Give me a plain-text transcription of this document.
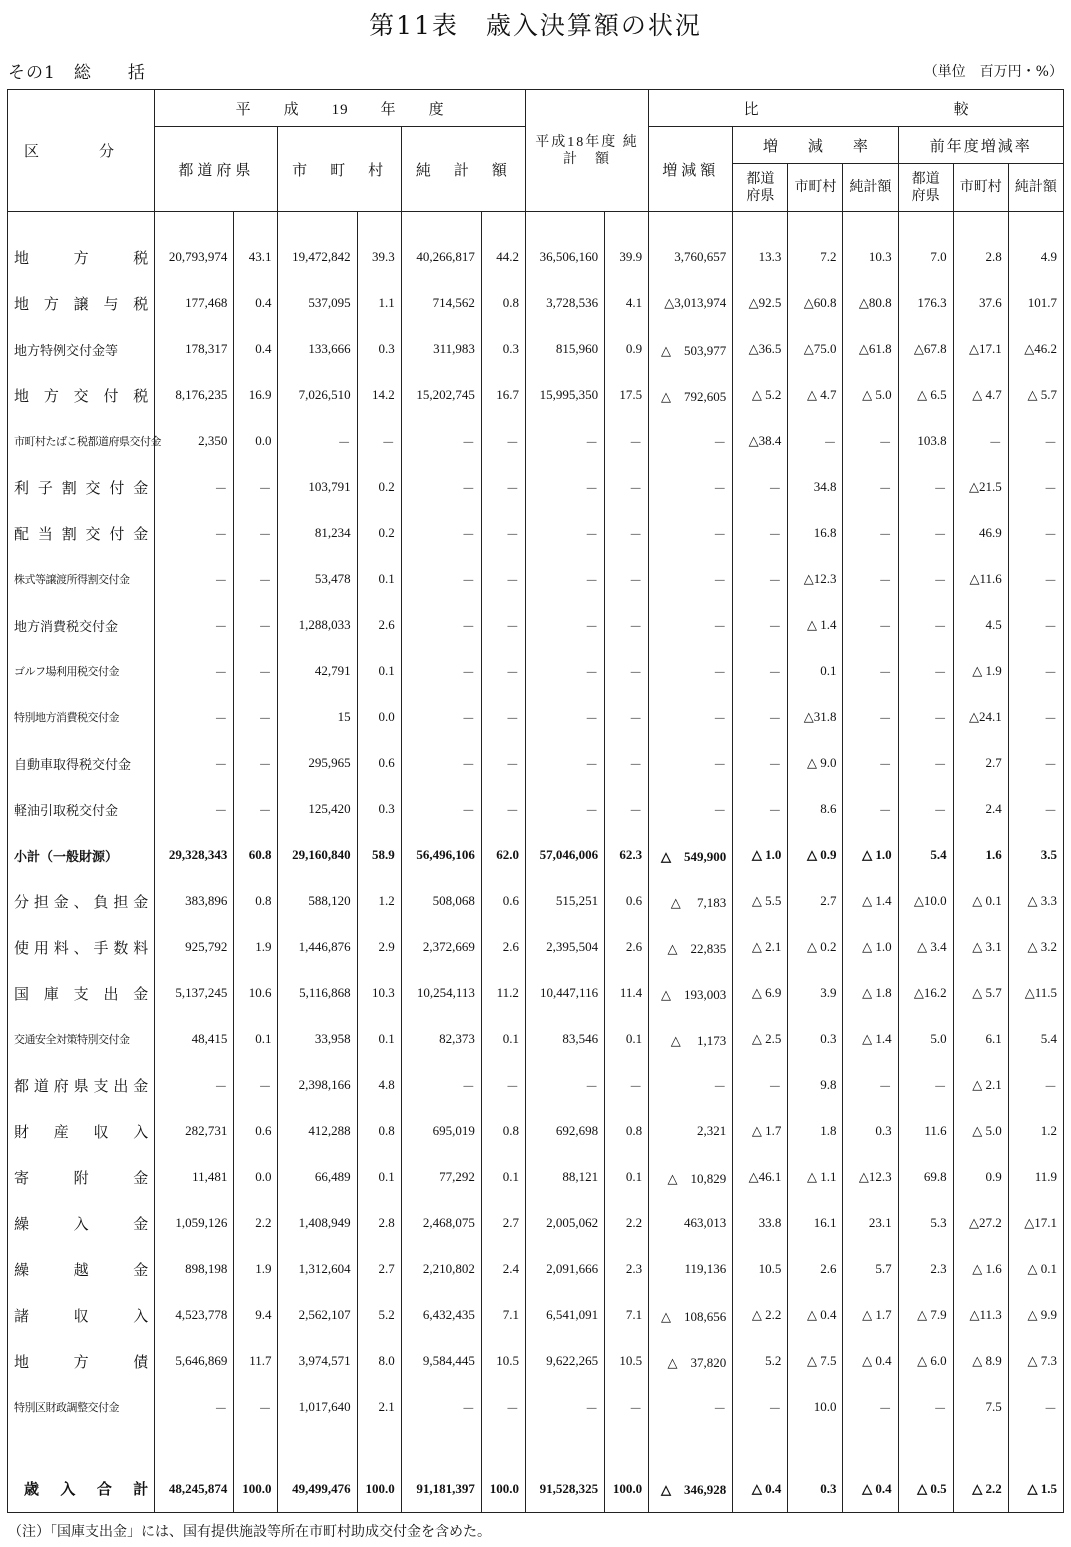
第11表　歳入決算額の状況
その1　総　　括	（単位　百万円・%）
区　　　　分	平　　成　　19　　年　　度						平成18年度 純　計　額		比　　　　　　　　　　　　　較						
	都道府県		市　町　村		純　計　額				増減額	増　　減　　率			前年度増減率		
										都道 府県	市町村	純計額	都道 府県	市町村	純計額

地方税	20,793,974	43.1	19,472,842	39.3	40,266,817	44.2	36,506,160	39.9	3,760,657	13.3	7.2	10.3	7.0	2.8	4.9
地方譲与税	177,468	0.4	537,095	1.1	714,562	0.8	3,728,536	4.1	△3,013,974	△92.5	△60.8	△80.8	176.3	37.6	101.7
地方特例交付金等	178,317	0.4	133,666	0.3	311,983	0.3	815,960	0.9	△　503,977	△36.5	△75.0	△61.8	△67.8	△17.1	△46.2
地方交付税	8,176,235	16.9	7,026,510	14.2	15,202,745	16.7	15,995,350	17.5	△　792,605	△ 5.2	△ 4.7	△ 5.0	△ 6.5	△ 4.7	△ 5.7
市町村たばこ税都道府県交付金	2,350	0.0	－	－	－	－	－	－	－	△38.4	－	－	103.8	－	－
利子割交付金	－	－	103,791	0.2	－	－	－	－	－	－	34.8	－	－	△21.5	－
配当割交付金	－	－	81,234	0.2	－	－	－	－	－	－	16.8	－	－	46.9	－
株式等譲渡所得割交付金	－	－	53,478	0.1	－	－	－	－	－	－	△12.3	－	－	△11.6	－
地方消費税交付金	－	－	1,288,033	2.6	－	－	－	－	－	－	△ 1.4	－	－	4.5	－
ゴルフ場利用税交付金	－	－	42,791	0.1	－	－	－	－	－	－	0.1	－	－	△ 1.9	－
特別地方消費税交付金	－	－	15	0.0	－	－	－	－	－	－	△31.8	－	－	△24.1	－
自動車取得税交付金	－	－	295,965	0.6	－	－	－	－	－	－	△ 9.0	－	－	2.7	－
軽油引取税交付金	－	－	125,420	0.3	－	－	－	－	－	－	8.6	－	－	2.4	－
小計（一般財源）	29,328,343	60.8	29,160,840	58.9	56,496,106	62.0	57,046,006	62.3	△　549,900	△ 1.0	△ 0.9	△ 1.0	5.4	1.6	3.5
分担金、負担金	383,896	0.8	588,120	1.2	508,068	0.6	515,251	0.6	△　 7,183	△ 5.5	2.7	△ 1.4	△10.0	△ 0.1	△ 3.3
使用料、手数料	925,792	1.9	1,446,876	2.9	2,372,669	2.6	2,395,504	2.6	△　22,835	△ 2.1	△ 0.2	△ 1.0	△ 3.4	△ 3.1	△ 3.2
国庫支出金	5,137,245	10.6	5,116,868	10.3	10,254,113	11.2	10,447,116	11.4	△　193,003	△ 6.9	3.9	△ 1.8	△16.2	△ 5.7	△11.5
交通安全対策特別交付金	48,415	0.1	33,958	0.1	82,373	0.1	83,546	0.1	△　 1,173	△ 2.5	0.3	△ 1.4	5.0	6.1	5.4
都道府県支出金	－	－	2,398,166	4.8	－	－	－	－	－	－	9.8	－	－	△ 2.1	－
財産収入	282,731	0.6	412,288	0.8	695,019	0.8	692,698	0.8	2,321	△ 1.7	1.8	0.3	11.6	△ 5.0	1.2
寄附金	11,481	0.0	66,489	0.1	77,292	0.1	88,121	0.1	△　10,829	△46.1	△ 1.1	△12.3	69.8	0.9	11.9
繰入金	1,059,126	2.2	1,408,949	2.8	2,468,075	2.7	2,005,062	2.2	463,013	33.8	16.1	23.1	5.3	△27.2	△17.1
繰越金	898,198	1.9	1,312,604	2.7	2,210,802	2.4	2,091,666	2.3	119,136	10.5	2.6	5.7	2.3	△ 1.6	△ 0.1
諸収入	4,523,778	9.4	2,562,107	5.2	6,432,435	7.1	6,541,091	7.1	△　108,656	△ 2.2	△ 0.4	△ 1.7	△ 7.9	△11.3	△ 9.9
地方債	5,646,869	11.7	3,974,571	8.0	9,584,445	10.5	9,622,265	10.5	△　37,820	5.2	△ 7.5	△ 0.4	△ 6.0	△ 8.9	△ 7.3
特別区財政調整交付金	－	－	1,017,640	2.1	－	－	－	－	－	－	10.0	－	－	7.5	－

歳入合計	48,245,874	100.0	49,499,476	100.0	91,181,397	100.0	91,528,325	100.0	△　346,928	△ 0.4	0.3	△ 0.4	△ 0.5	△ 2.2	△ 1.5
（注）「国庫支出金」には、国有提供施設等所在市町村助成交付金を含めた。
